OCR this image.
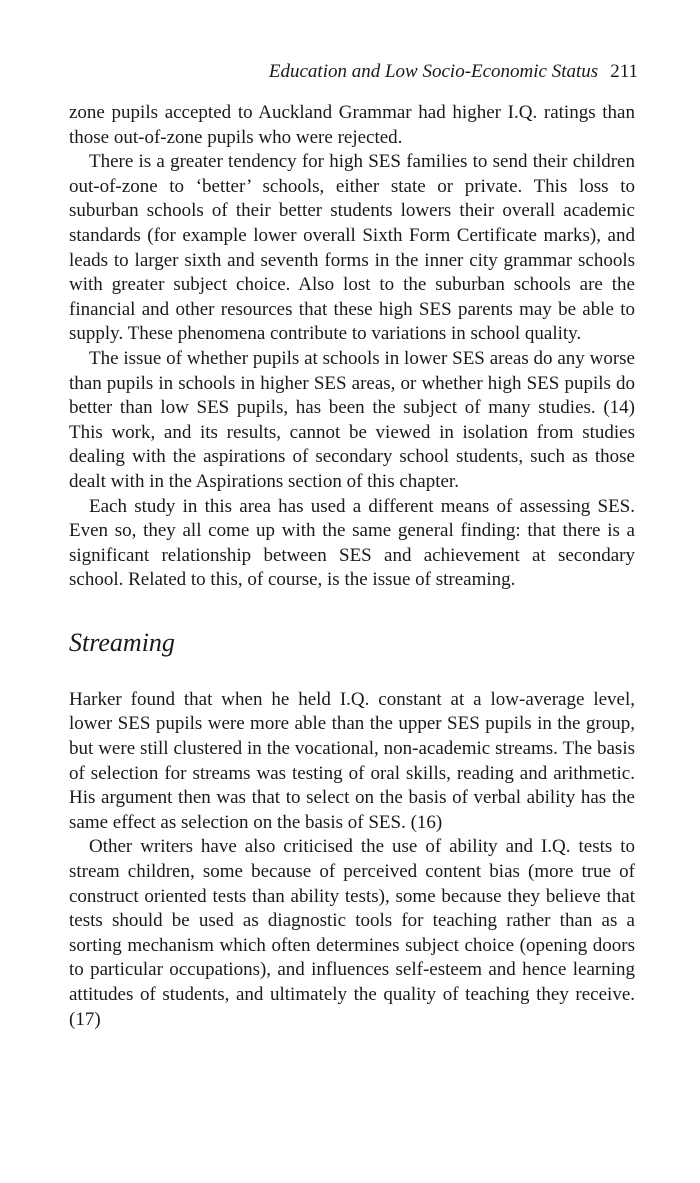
Education and Low Socio-Economic Status 211

zone pupils accepted to Auckland Grammar had higher I.Q. ratings than those out-of-zone pupils who were rejected.

There is a greater tendency for high SES families to send their children out-of-zone to ‘better’ schools, either state or private. This loss to suburban schools of their better students lowers their overall academic standards (for example lower overall Sixth Form Certificate marks), and leads to larger sixth and seventh forms in the inner city grammar schools with greater subject choice. Also lost to the suburban schools are the financial and other resources that these high SES parents may be able to supply. These phenomena contribute to variations in school quality.

The issue of whether pupils at schools in lower SES areas do any worse than pupils in schools in higher SES areas, or whether high SES pupils do better than low SES pupils, has been the subject of many studies. (14) This work, and its results, cannot be viewed in isolation from studies dealing with the aspirations of secondary school students, such as those dealt with in the Aspirations section of this chapter.

Each study in this area has used a different means of assessing SES. Even so, they all come up with the same general finding: that there is a significant relationship between SES and achievement at secondary school. Related to this, of course, is the issue of streaming.

Streaming

Harker found that when he held I.Q. constant at a low-average level, lower SES pupils were more able than the upper SES pupils in the group, but were still clustered in the vocational, non-academic streams. The basis of selection for streams was testing of oral skills, reading and arithmetic. His argument then was that to select on the basis of verbal ability has the same effect as selection on the basis of SES. (16)

Other writers have also criticised the use of ability and I.Q. tests to stream children, some because of perceived content bias (more true of construct oriented tests than ability tests), some because they believe that tests should be used as diagnostic tools for teaching rather than as a sorting mechanism which often determines subject choice (opening doors to particular occupations), and influences self-esteem and hence learning attitudes of students, and ultimately the quality of teaching they receive. (17)
